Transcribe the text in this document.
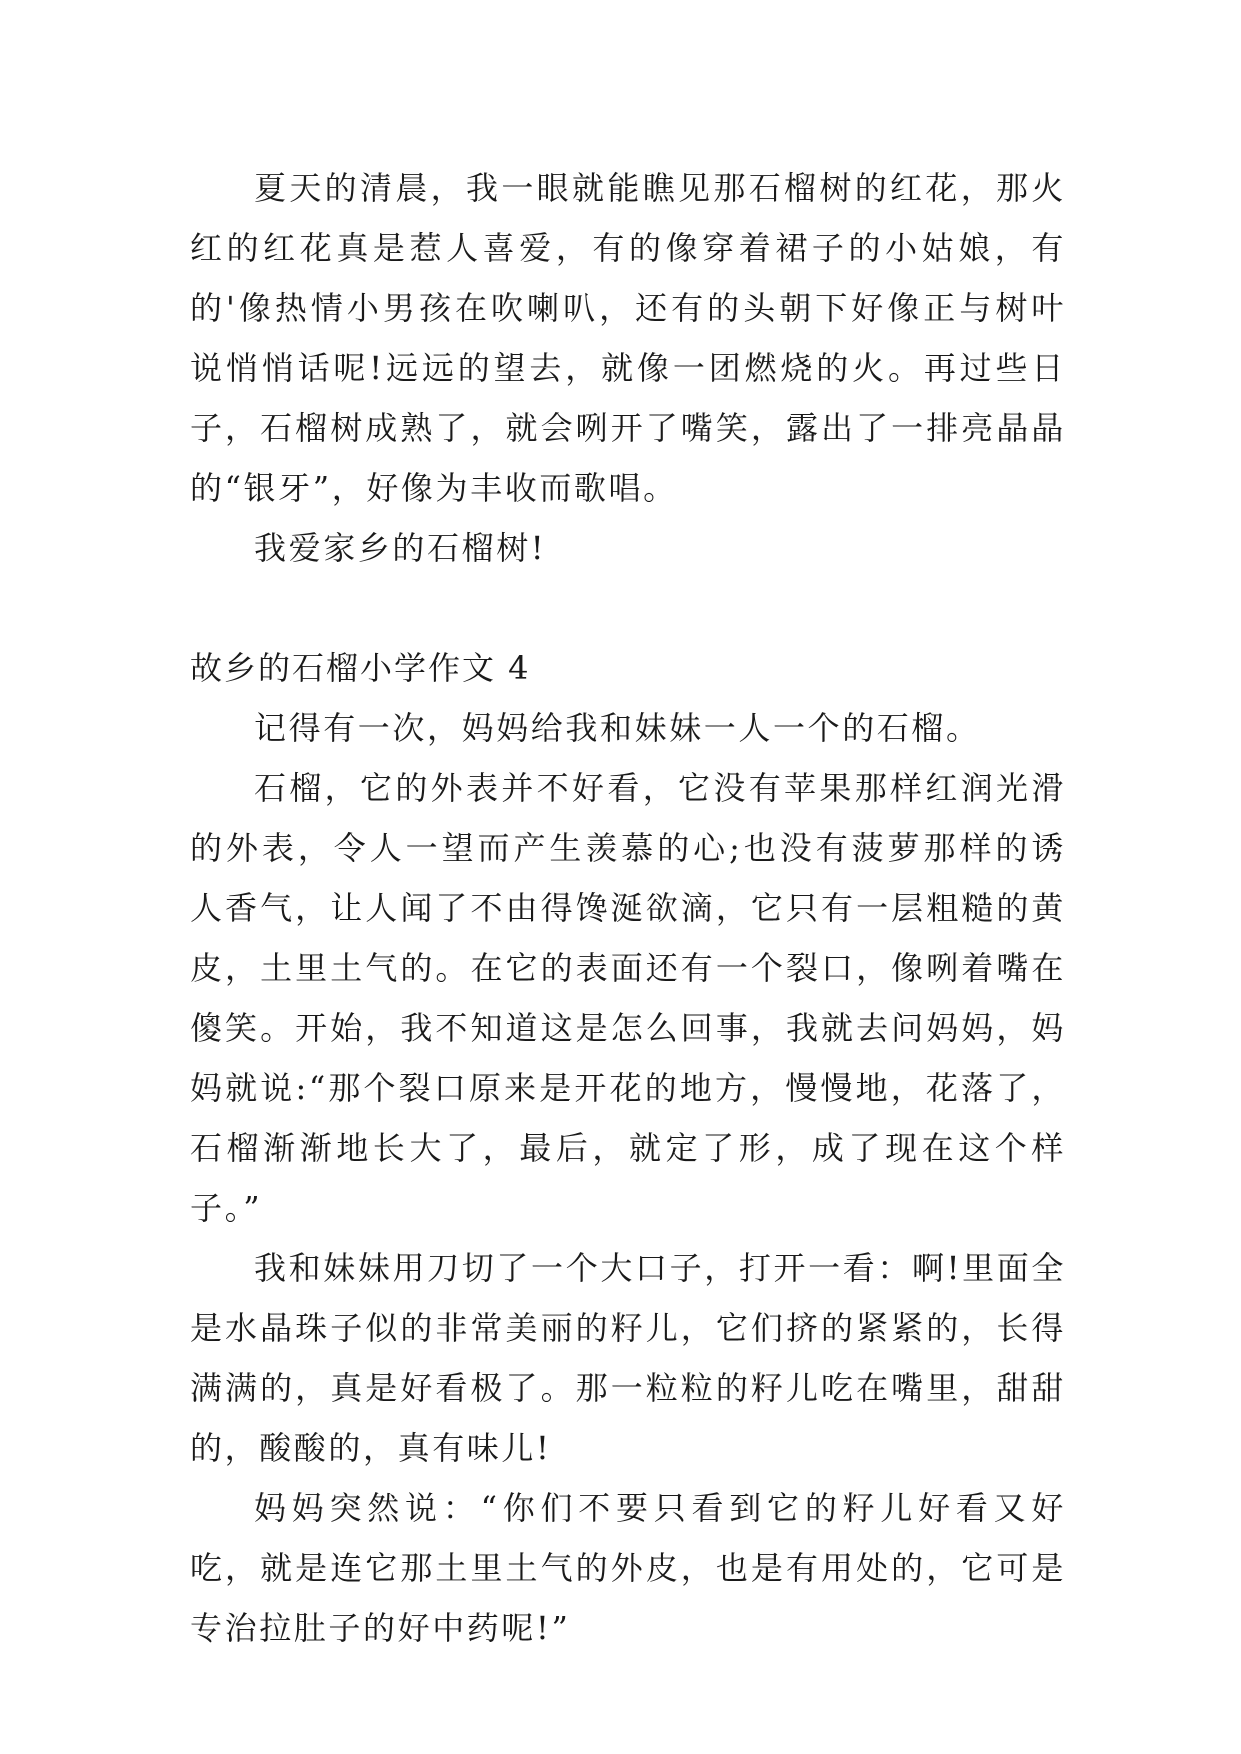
夏天的清晨，我一眼就能瞧见那石榴树的红花，那火红的红花真是惹人喜爱，有的像穿着裙子的小姑娘，有的'像热情小男孩在吹喇叭，还有的头朝下好像正与树叶说悄悄话呢!远远的望去，就像一团燃烧的火。再过些日子，石榴树成熟了，就会咧开了嘴笑，露出了一排亮晶晶的“银牙”，好像为丰收而歌唱。

我爱家乡的石榴树!

故乡的石榴小学作文 4

记得有一次，妈妈给我和妹妹一人一个的石榴。

石榴，它的外表并不好看，它没有苹果那样红润光滑的外表，令人一望而产生羡慕的心;也没有菠萝那样的诱人香气，让人闻了不由得馋涎欲滴，它只有一层粗糙的黄皮，土里土气的。在它的表面还有一个裂口，像咧着嘴在傻笑。开始，我不知道这是怎么回事，我就去问妈妈，妈妈就说:“那个裂口原来是开花的地方，慢慢地，花落了，石榴渐渐地长大了，最后，就定了形，成了现在这个样子。”

我和妹妹用刀切了一个大口子，打开一看：啊!里面全是水晶珠子似的非常美丽的籽儿，它们挤的紧紧的，长得满满的，真是好看极了。那一粒粒的籽儿吃在嘴里，甜甜的，酸酸的，真有味儿!

妈妈突然说：“你们不要只看到它的籽儿好看又好吃，就是连它那土里土气的外皮，也是有用处的，它可是专治拉肚子的好中药呢!”
